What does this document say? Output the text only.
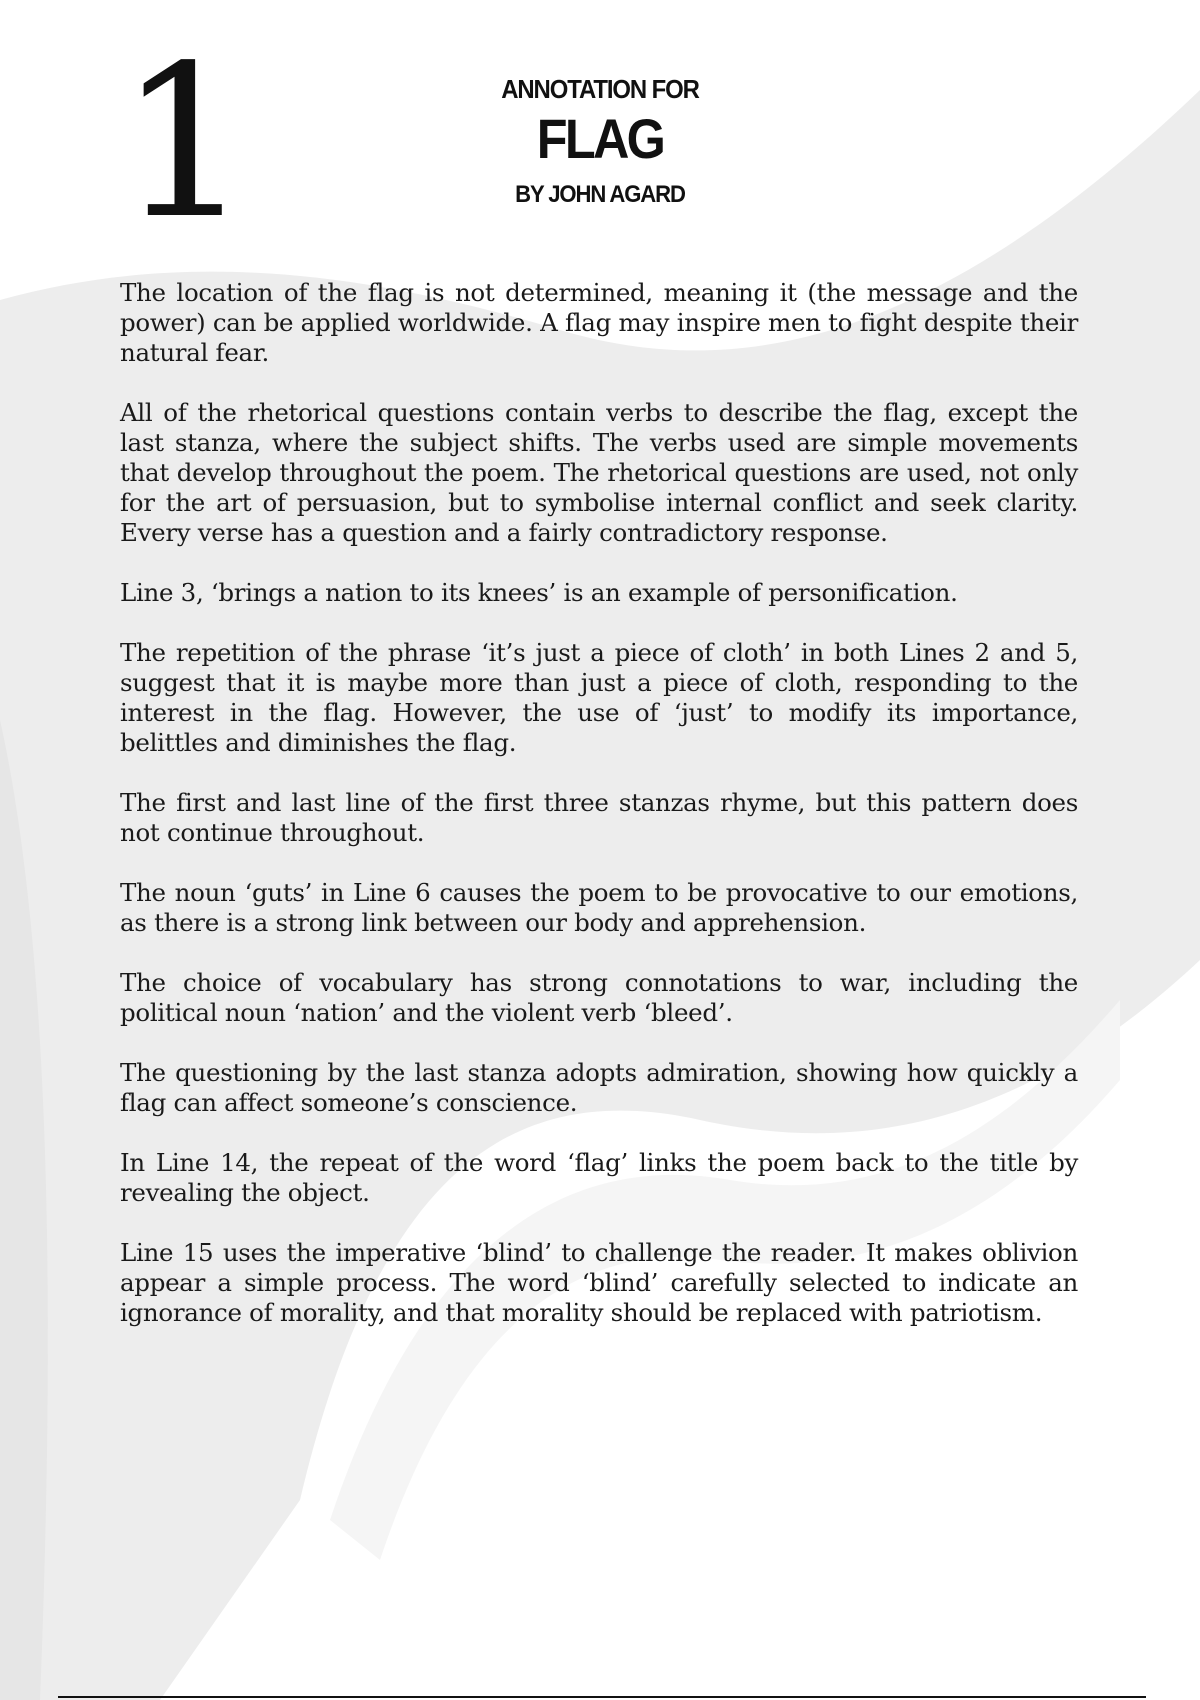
1	ANNOTATION FOR
FLAG
BY JOHN AGARD

The location of the flag is not determined, meaning it (the message and the power) can be applied worldwide. A flag may inspire men to fight despite their natural fear.

All of the rhetorical questions contain verbs to describe the flag, except the last stanza, where the subject shifts. The verbs used are simple movements that develop throughout the poem. The rhetorical questions are used, not only for the art of persuasion, but to symbolise internal conflict and seek clarity. Every verse has a question and a fairly contradictory response.

Line 3, ‘brings a nation to its knees’ is an example of personification.

The repetition of the phrase ‘it’s just a piece of cloth’ in both Lines 2 and 5, suggest that it is maybe more than just a piece of cloth, responding to the interest in the flag. However, the use of ‘just’ to modify its importance, belittles and diminishes the flag.

The first and last line of the first three stanzas rhyme, but this pattern does not continue throughout.

The noun ‘guts’ in Line 6 causes the poem to be provocative to our emotions, as there is a strong link between our body and apprehension.

The choice of vocabulary has strong connotations to war, including the political noun ‘nation’ and the violent verb ‘bleed’.

The questioning by the last stanza adopts admiration, showing how quickly a flag can affect someone’s conscience.

In Line 14, the repeat of the word ‘flag’ links the poem back to the title by revealing the object.

Line 15 uses the imperative ‘blind’ to challenge the reader. It makes oblivion appear a simple process. The word ‘blind’ carefully selected to indicate an ignorance of morality, and that morality should be replaced with patriotism.
